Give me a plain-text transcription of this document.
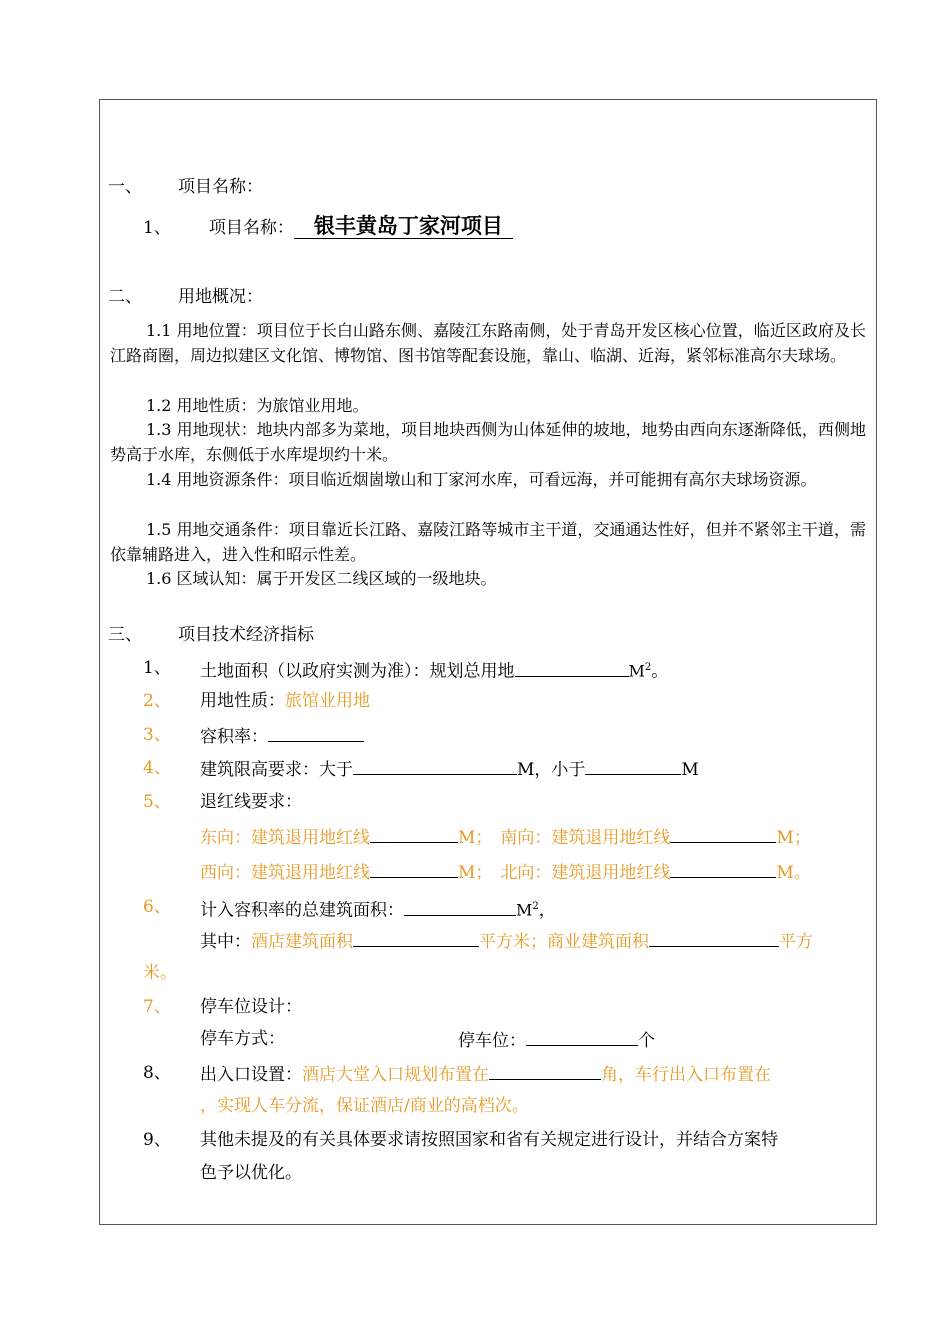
一、 项目名称：
1、 项目名称： 银丰黄岛丁家河项目
二、 用地概况：
1.1 用地位置：项目位于长白山路东侧、嘉陵江东路南侧，处于青岛开发区核心位置，临近区政府及长江路商圈，周边拟建区文化馆、博物馆、图书馆等配套设施，靠山、临湖、近海，紧邻标准高尔夫球场。
1.2 用地性质：为旅馆业用地。
1.3 用地现状：地块内部多为菜地，项目地块西侧为山体延伸的坡地，地势由西向东逐渐降低，西侧地势高于水库，东侧低于水库堤坝约十米。
1.4 用地资源条件：项目临近烟崮墩山和丁家河水库，可看远海，并可能拥有高尔夫球场资源。
1.5 用地交通条件：项目靠近长江路、嘉陵江路等城市主干道，交通通达性好，但并不紧邻主干道，需依靠辅路进入，进入性和昭示性差。
1.6 区域认知：属于开发区二线区域的一级地块。
三、 项目技术经济指标
1、 土地面积（以政府实测为准）：规划总用地	$M^2$。
2、 用地性质：旅馆业用地
3、 容积率：
4、 建筑限高要求：大于	M，小于	M
5、 退红线要求：
东向：建筑退用地红线	M； 南向：建筑退用地红线	M；
西向：建筑退用地红线	M； 北向：建筑退用地红线	M。
6、 计入容积率的总建筑面积：	$M^2$，
其中：酒店建筑面积	平方米；商业建筑面积	平方
米。
7、 停车位设计：
停车方式：	停车位：	个
8、 出入口设置：酒店大堂入口规划布置在	角，车行出入口布置在
，实现人车分流，保证酒店/商业的高档次。
9、 其他未提及的有关具体要求请按照国家和省有关规定进行设计，并结合方案特
色予以优化。
